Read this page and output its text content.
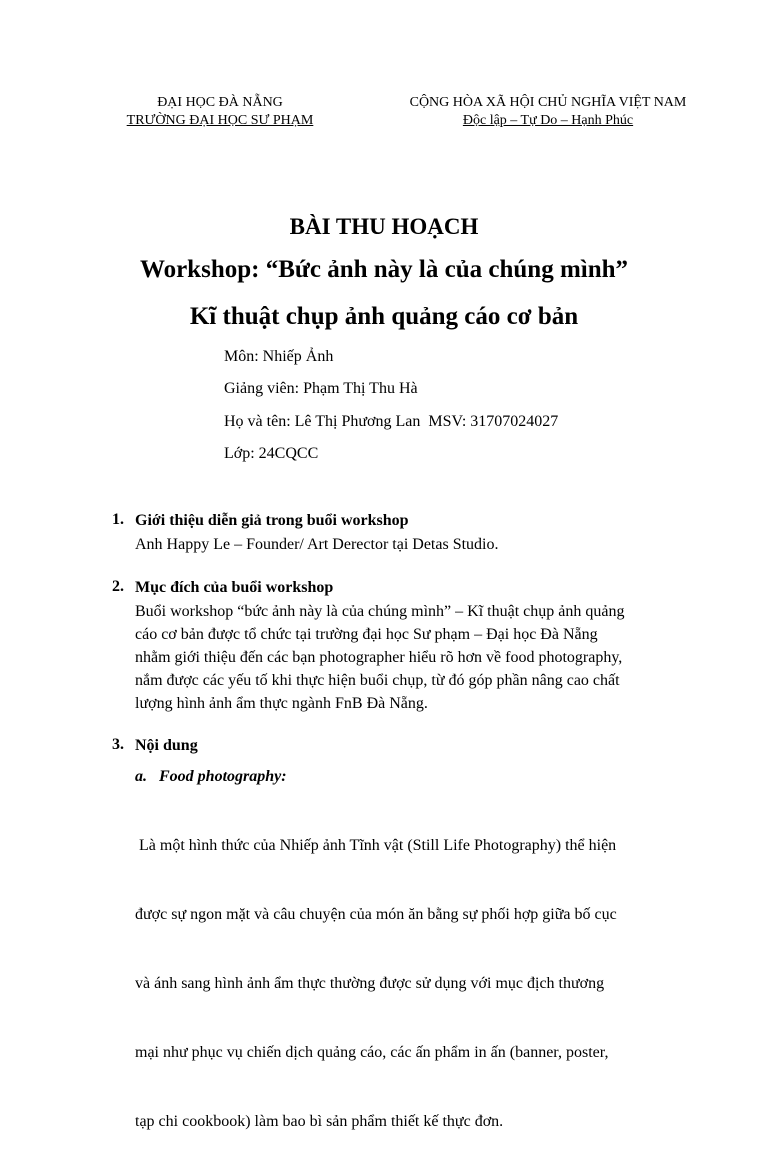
ĐẠI HỌC ĐÀ NẴNG
TRƯỜNG ĐẠI HỌC SƯ PHẠM
CỘNG HÒA XÃ HỘI CHỦ NGHĨA VIỆT NAM
Độc lập – Tự Do – Hạnh Phúc
BÀI THU HOẠCH
Workshop: “Bức ảnh này là của chúng mình”
Kĩ thuật chụp ảnh quảng cáo cơ bản
Môn: Nhiếp Ảnh
Giảng viên: Phạm Thị Thu Hà
Họ và tên: Lê Thị Phương Lan  MSV: 31707024027
Lớp: 24CQCC
1. Giới thiệu diễn giả trong buổi workshop
Anh Happy Le – Founder/ Art Derector tại Detas Studio.
2. Mục đích của buổi workshop
Buổi workshop “bức ảnh này là của chúng mình” – Kĩ thuật chụp ảnh quảng
cáo cơ bản được tổ chức tại trường đại học Sư phạm – Đại học Đà Nẵng
nhằm giới thiệu đến các bạn photographer hiểu rõ hơn về food photography,
nắm được các yếu tố khi thực hiện buổi chụp, từ đó góp phần nâng cao chất
lượng hình ảnh ẩm thực ngành FnB Đà Nẵng.
3. Nội dung
a. Food photography:

Là một hình thức của Nhiếp ảnh Tĩnh vật (Still Life Photography) thể hiện

được sự ngon mặt và câu chuyện của món ăn bằng sự phối hợp giữa bố cục

và ánh sang hình ảnh ẩm thực thường được sử dụng với mục địch thương

mại như phục vụ chiến dịch quảng cáo, các ấn phẩm in ấn (banner, poster,

tạp chi cookbook) làm bao bì sản phẩm thiết kế thực đơn.
